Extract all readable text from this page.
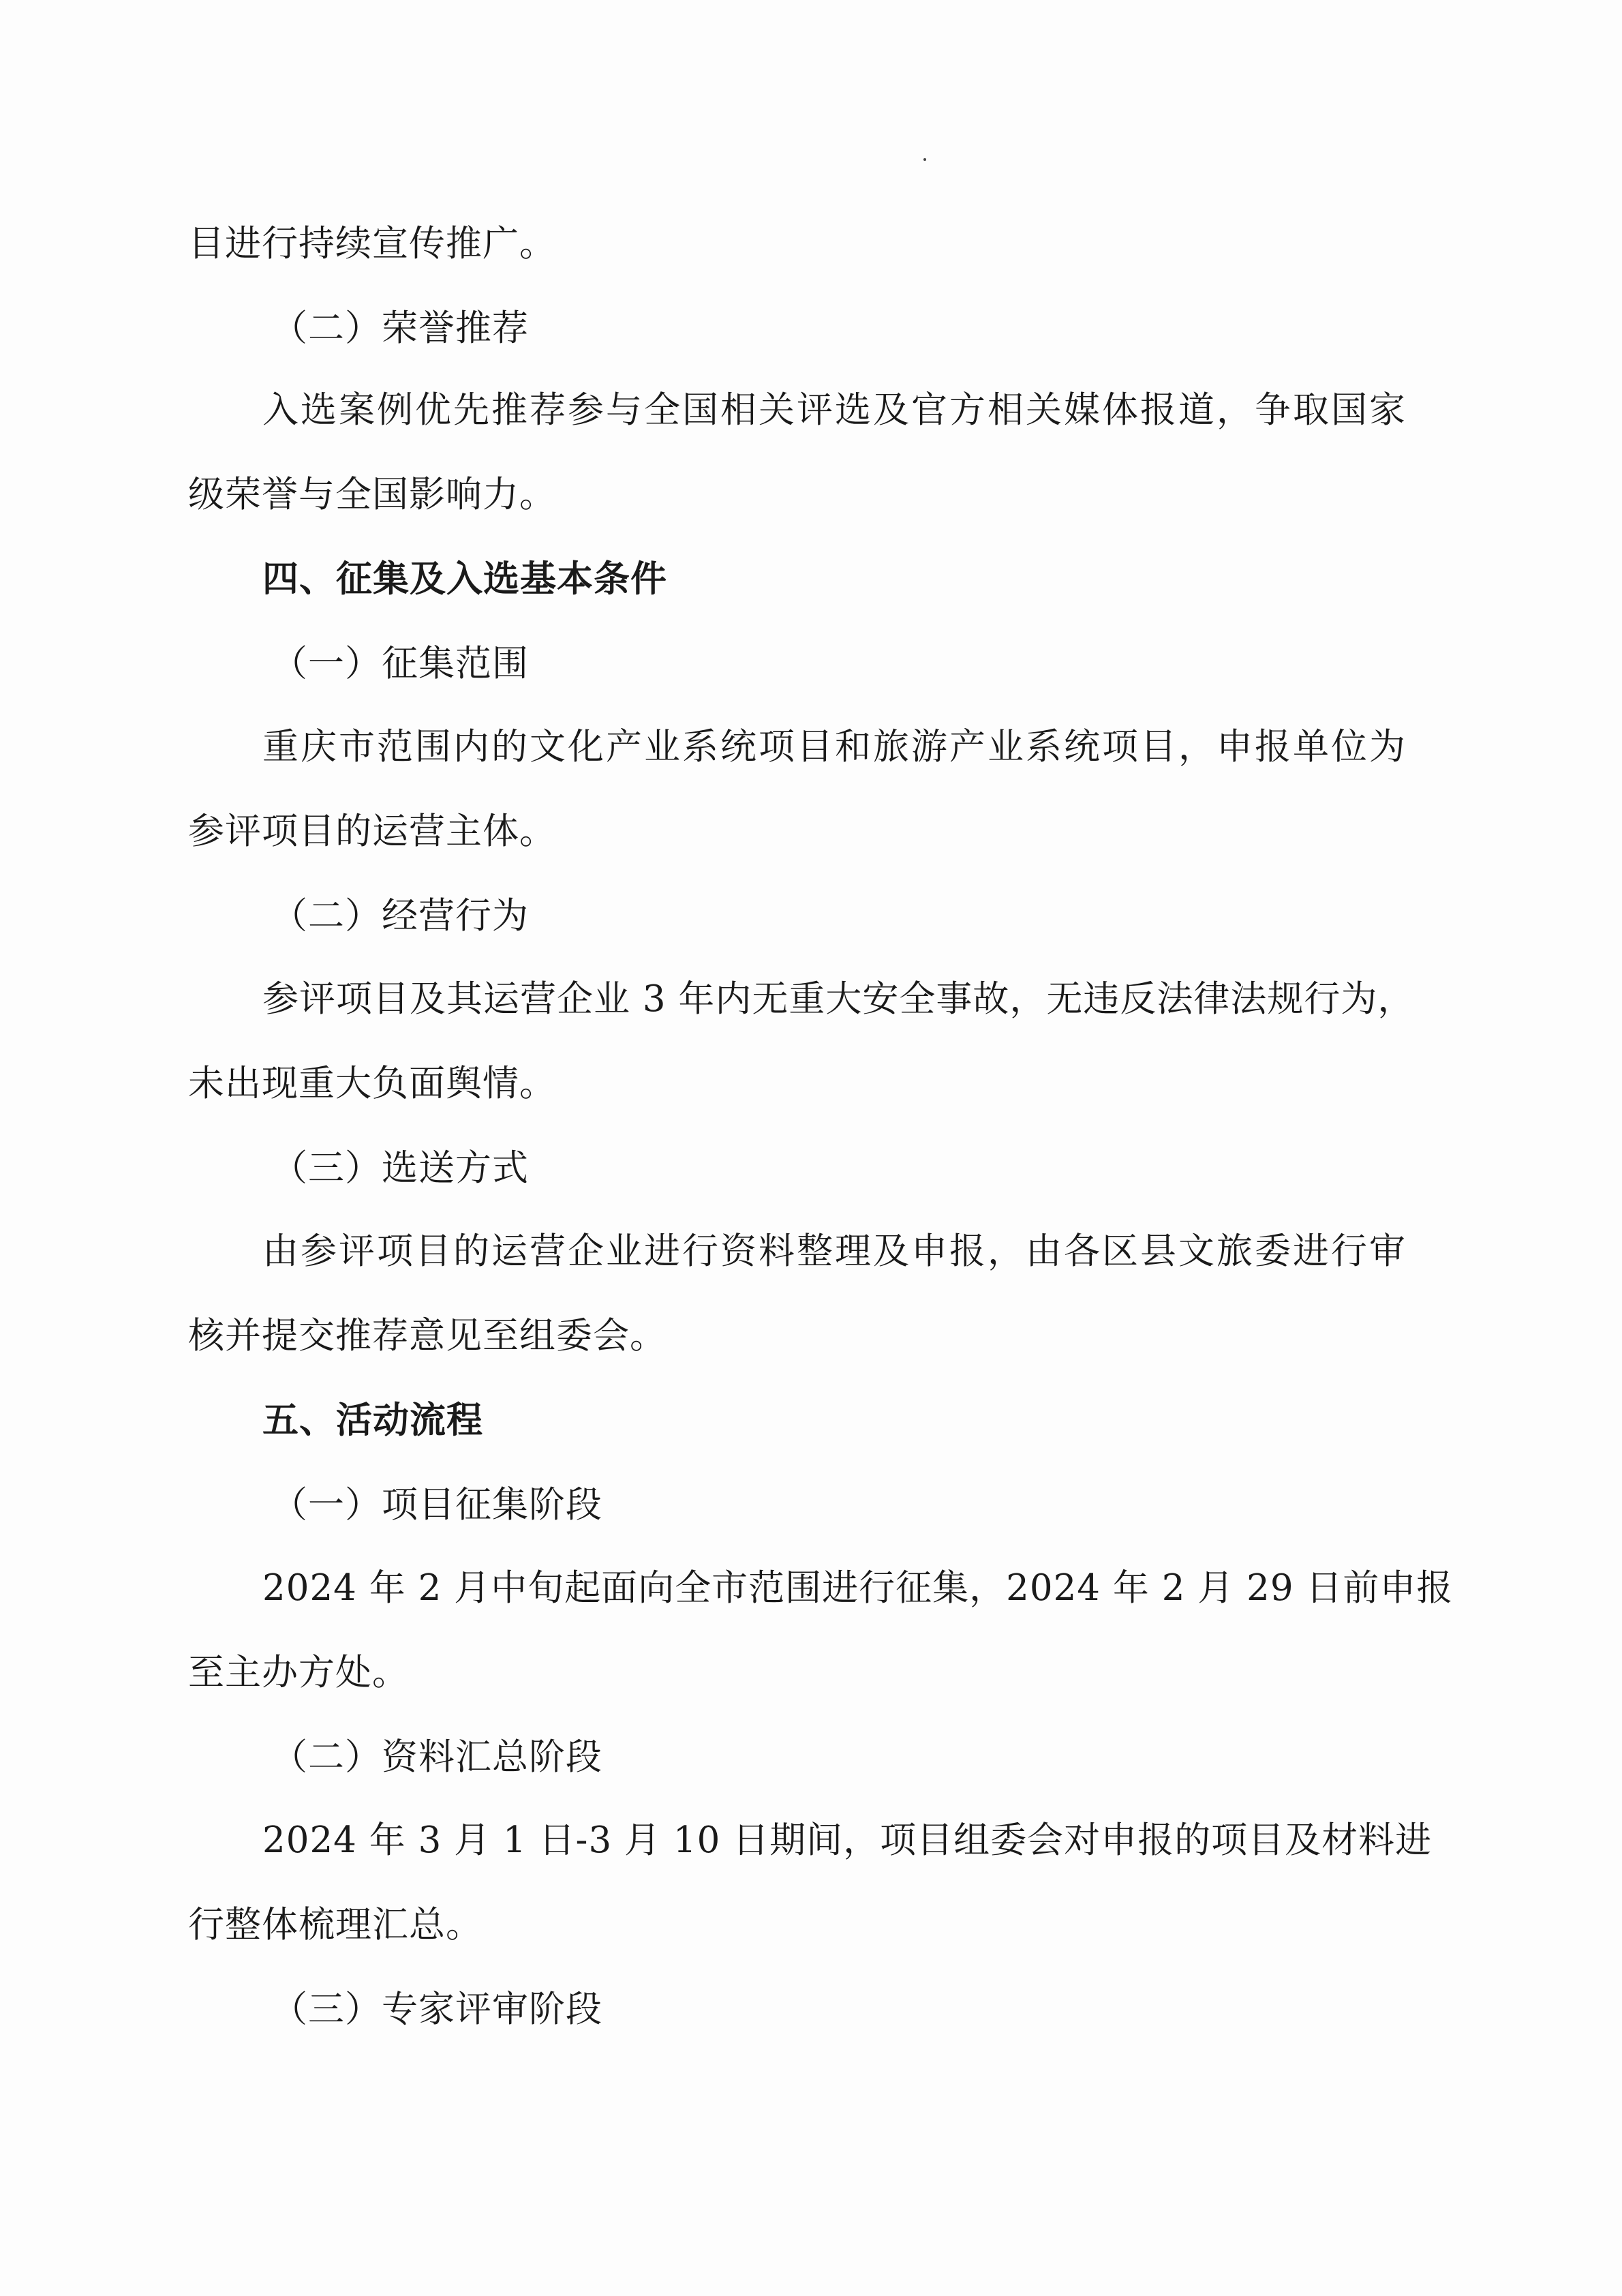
目进行持续宣传推广。
（二）荣誉推荐
入选案例优先推荐参与全国相关评选及官方相关媒体报道，争取国家
级荣誉与全国影响力。
四、征集及入选基本条件
（一）征集范围
重庆市范围内的文化产业系统项目和旅游产业系统项目，申报单位为
参评项目的运营主体。
（二）经营行为
参评项目及其运营企业 3 年内无重大安全事故，无违反法律法规行为，
未出现重大负面舆情。
（三）选送方式
由参评项目的运营企业进行资料整理及申报，由各区县文旅委进行审
核并提交推荐意见至组委会。
五、活动流程
（一）项目征集阶段
2024 年 2 月中旬起面向全市范围进行征集，2024 年 2 月 29 日前申报
至主办方处。
（二）资料汇总阶段
2024 年 3 月 1 日-3 月 10 日期间，项目组委会对申报的项目及材料进
行整体梳理汇总。
（三）专家评审阶段
